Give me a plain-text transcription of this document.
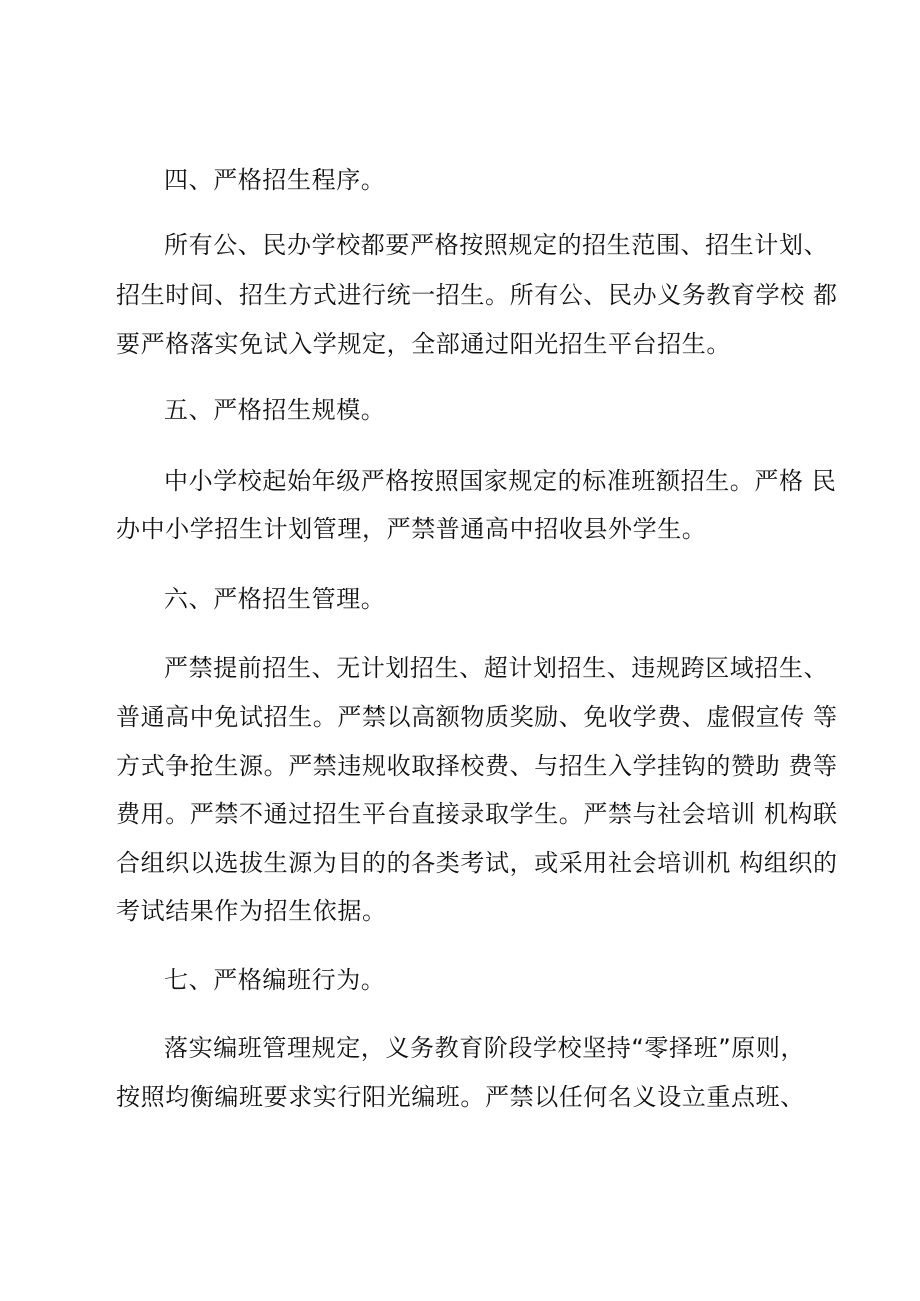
四、严格招生程序。
所有公、民办学校都要严格按照规定的招生范围、招生计划、
招生时间、招生方式进行统一招生。所有公、民办义务教育学校 都
要严格落实免试入学规定，全部通过阳光招生平台招生。
五、严格招生规模。
中小学校起始年级严格按照国家规定的标准班额招生。严格 民
办中小学招生计划管理，严禁普通高中招收县外学生。
六、严格招生管理。
严禁提前招生、无计划招生、超计划招生、违规跨区域招生、
普通高中免试招生。严禁以高额物质奖励、免收学费、虚假宣传 等
方式争抢生源。严禁违规收取择校费、与招生入学挂钩的赞助 费等
费用。严禁不通过招生平台直接录取学生。严禁与社会培训 机构联
合组织以选拔生源为目的的各类考试，或采用社会培训机 构组织的
考试结果作为招生依据。
七、严格编班行为。
落实编班管理规定，义务教育阶段学校坚持“零择班”原则，
按照均衡编班要求实行阳光编班。严禁以任何名义设立重点班、
